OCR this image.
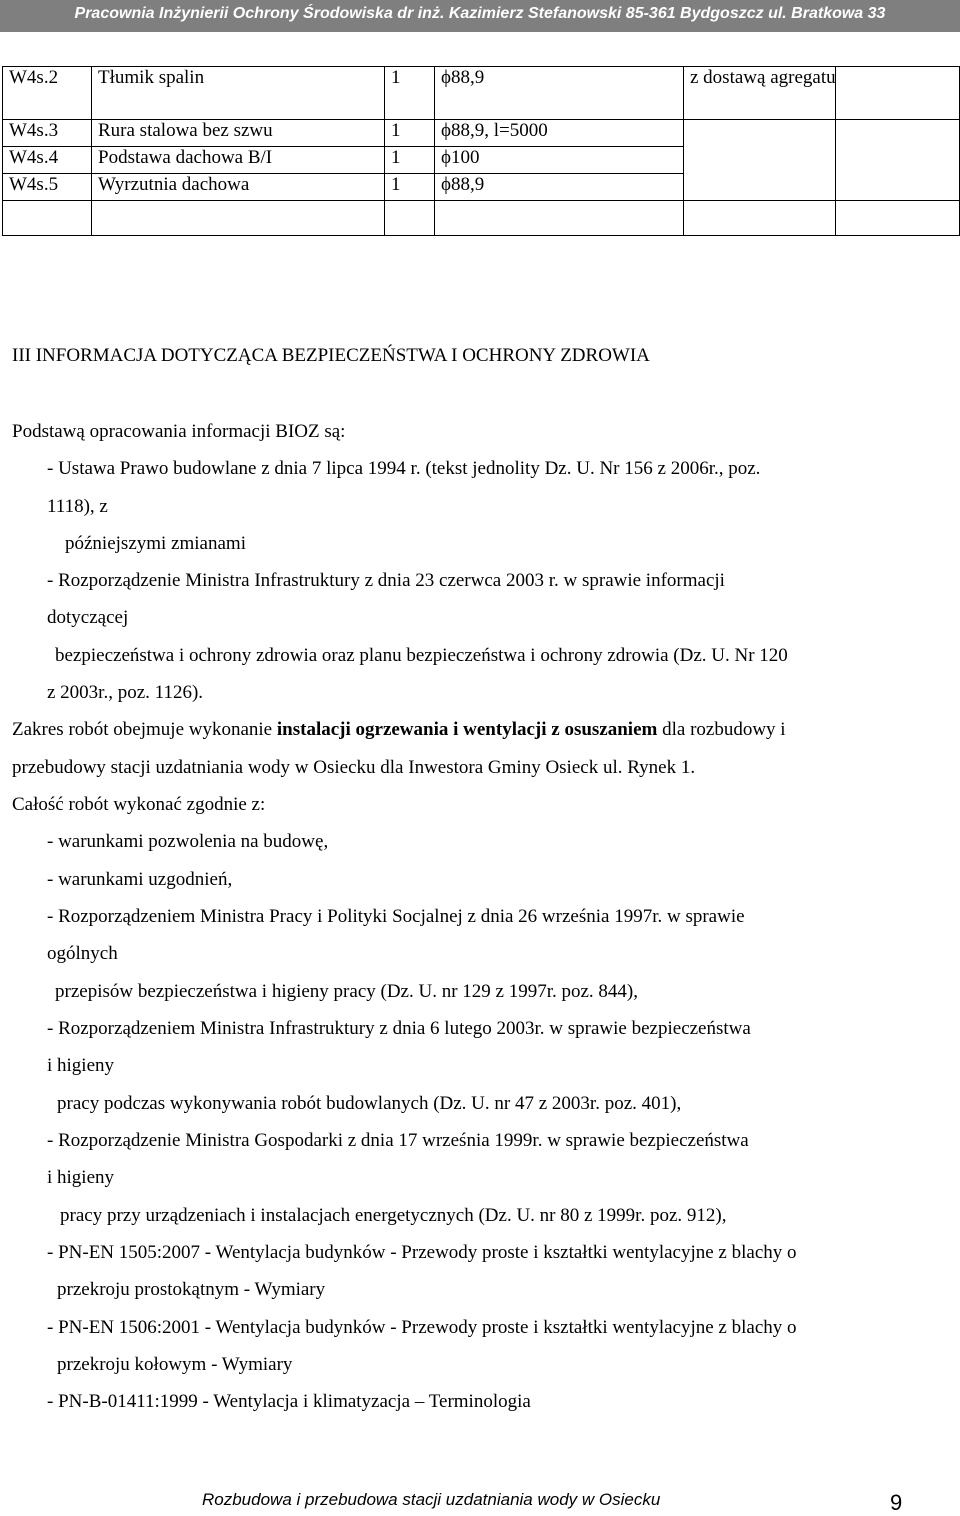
Pracownia Inżynierii Ochrony Środowiska dr inż. Kazimierz Stefanowski 85-361 Bydgoszcz ul. Bratkowa 33
W4s.2	Tłumik spalin	1	ϕ88,9	z dostawą agregatu	
W4s.3	Rura stalowa bez szwu	1	ϕ88,9, l=5000		
W4s.4	Podstawa dachowa B/I	1	ϕ100		
W4s.5	Wyrzutnia dachowa	1	ϕ88,9		

III INFORMACJA DOTYCZĄCA BEZPIECZEŃSTWA I OCHRONY ZDROWIA
Podstawą opracowania informacji BIOZ są:
- Ustawa Prawo budowlane z dnia 7 lipca 1994 r. (tekst jednolity Dz. U. Nr 156 z 2006r., poz.
1118), z
późniejszymi zmianami
- Rozporządzenie Ministra Infrastruktury z dnia 23 czerwca 2003 r. w sprawie informacji
dotyczącej
bezpieczeństwa i ochrony zdrowia oraz planu bezpieczeństwa i ochrony zdrowia (Dz. U. Nr 120
z 2003r., poz. 1126).
Zakres robót obejmuje wykonanie instalacji ogrzewania i wentylacji z osuszaniem dla rozbudowy i
przebudowy stacji uzdatniania wody w Osiecku dla Inwestora Gminy Osieck ul. Rynek 1.
Całość robót wykonać zgodnie z:
- warunkami pozwolenia na budowę,
- warunkami uzgodnień,
- Rozporządzeniem Ministra Pracy i Polityki Socjalnej z dnia 26 września 1997r. w sprawie
ogólnych
przepisów bezpieczeństwa i higieny pracy (Dz. U. nr 129 z 1997r. poz. 844),
- Rozporządzeniem Ministra Infrastruktury z dnia 6 lutego 2003r. w sprawie bezpieczeństwa
i higieny
pracy podczas wykonywania robót budowlanych (Dz. U. nr 47 z 2003r. poz. 401),
- Rozporządzenie Ministra Gospodarki z dnia 17 września 1999r. w sprawie bezpieczeństwa
i higieny
pracy przy urządzeniach i instalacjach energetycznych (Dz. U. nr 80 z 1999r. poz. 912),
- PN-EN 1505:2007 - Wentylacja budynków - Przewody proste i kształtki wentylacyjne z blachy o
przekroju prostokątnym - Wymiary
- PN-EN 1506:2001 - Wentylacja budynków - Przewody proste i kształtki wentylacyjne z blachy o
przekroju kołowym - Wymiary
- PN-B-01411:1999 - Wentylacja i klimatyzacja – Terminologia
Rozbudowa i przebudowa stacji uzdatniania wody w Osiecku	9
